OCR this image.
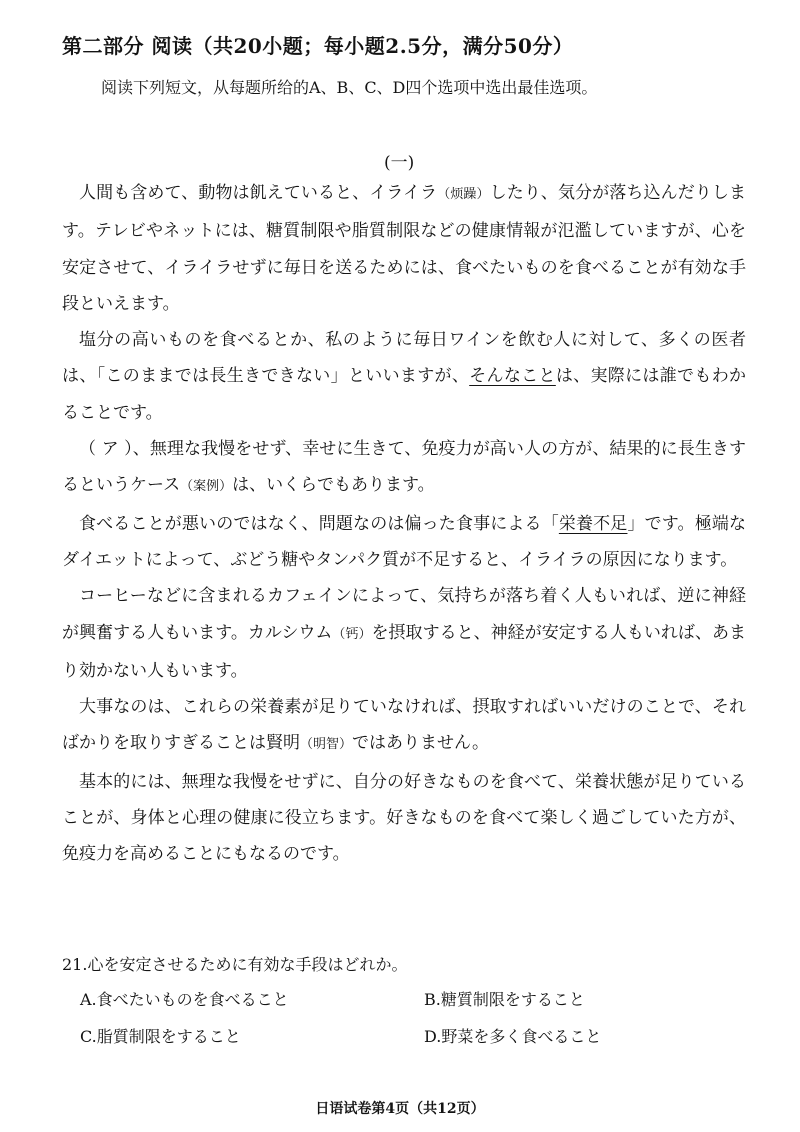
第二部分 阅读（共20小题；每小题2.5分，满分50分）
阅读下列短文，从每题所给的A、B、C、D四个选项中选出最佳选项。
(一)

人間も含めて、動物は飢えていると、イライラ（烦躁）したり、気分が落ち込んだりします。テレビやネットには、糖質制限や脂質制限などの健康情報が氾濫していますが、心を安定させて、イライラせずに毎日を送るためには、食べたいものを食べることが有効な手段といえます。

塩分の高いものを食べるとか、私のように毎日ワインを飲む人に対して、多くの医者は、「このままでは長生きできない」といいますが、そんなことは、実際には誰でもわかることです。

（ ア ）、無理な我慢をせず、幸せに生きて、免疫力が高い人の方が、結果的に長生きするというケース（案例）は、いくらでもあります。

食べることが悪いのではなく、問題なのは偏った食事による「栄養不足」です。極端なダイエットによって、ぶどう糖やタンパク質が不足すると、イライラの原因になります。

コーヒーなどに含まれるカフェインによって、気持ちが落ち着く人もいれば、逆に神経が興奮する人もいます。カルシウム（钙）を摂取すると、神経が安定する人もいれば、あまり効かない人もいます。

大事なのは、これらの栄養素が足りていなければ、摂取すればいいだけのことで、そればかりを取りすぎることは賢明（明智）ではありません。

基本的には、無理な我慢をせずに、自分の好きなものを食べて、栄養状態が足りていることが、身体と心理の健康に役立ちます。好きなものを食べて楽しく過ごしていた方が、免疫力を高めることにもなるのです。

21.心を安定させるために有効な手段はどれか。
A.食べたいものを食べること	B.糖質制限をすること
C.脂質制限をすること	D.野菜を多く食べること
日语试卷第4页（共12页）
